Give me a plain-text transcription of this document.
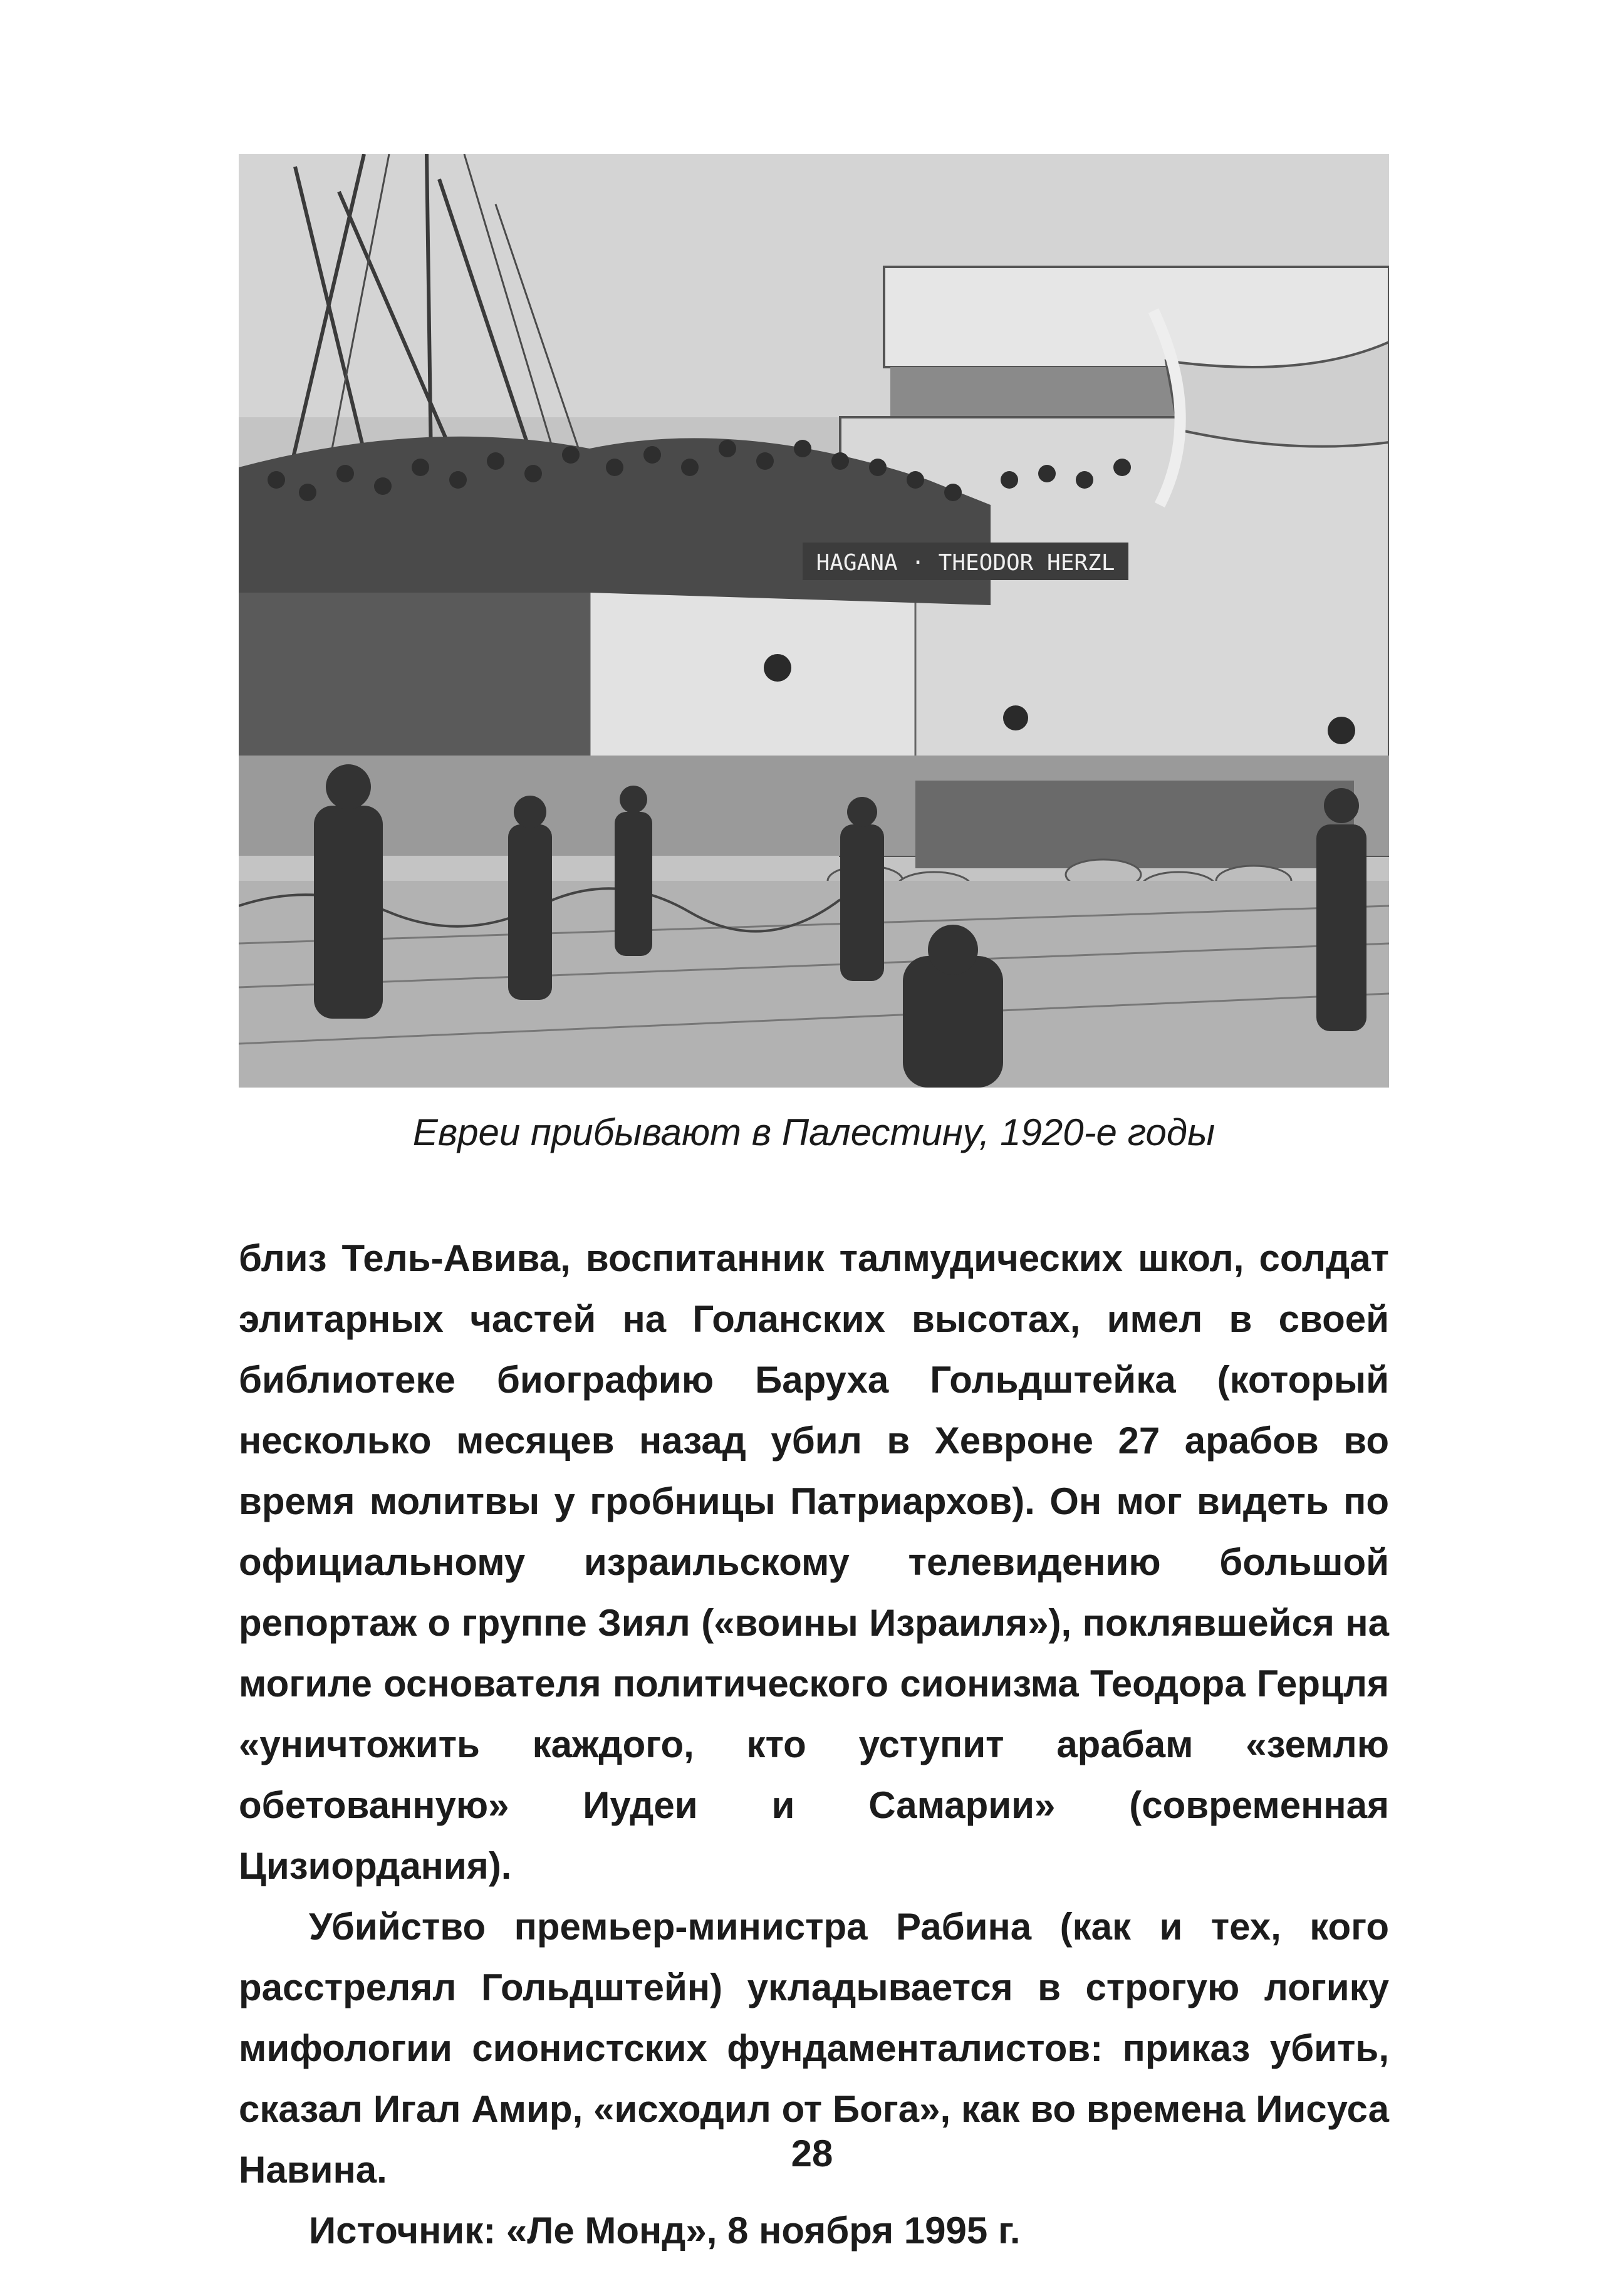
HAGANA · THEODOR HERZL
Евреи прибывают в Палестину, 1920-е годы

близ Тель-Авива, воспитанник талмудических школ, солдат элитарных частей на Голанских высотах, имел в своей библиотеке биографию Баруха Гольдштейка (который несколько месяцев назад убил в Хевроне 27 арабов во время молитвы у гробницы Патриархов). Он мог видеть по официальному израильскому телевидению большой репортаж о группе Зиял («воины Израиля»), поклявшейся на могиле основателя политического сионизма Теодора Герцля «уничтожить каждого, кто уступит арабам «землю обетованную» Иудеи и Самарии» (современная Цизиордания).

Убийство премьер-министра Рабина (как и тех, кого расстрелял Гольдштейн) укладывается в строгую логику мифологии сионистских фундаменталистов: приказ убить, сказал Игал Амир, «исходил от Бога», как во времена Иисуса Навина.

Источник: «Ле Монд», 8 ноября 1995 г.

28
